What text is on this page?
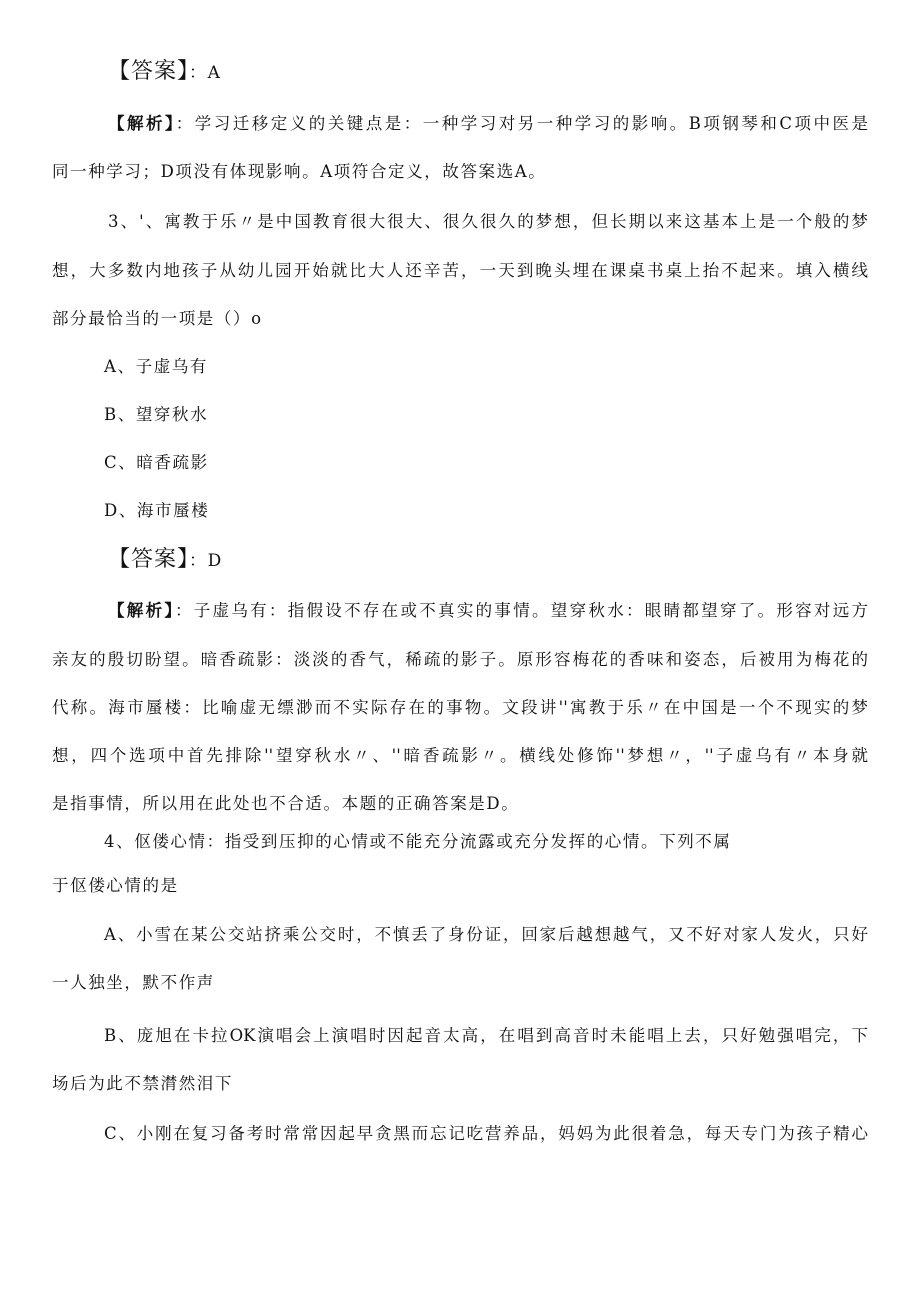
【答案】：A
【解析】：学习迁移定义的关键点是：一种学习对另一种学习的影响。B项钢琴和C项中医是
同一种学习；D项没有体现影响。A项符合定义，故答案选A。
3、'、寓教于乐〃是中国教育很大很大、很久很久的梦想，但长期以来这基本上是一个般的梦
想，大多数内地孩子从幼儿园开始就比大人还辛苦，一天到晚头埋在课桌书桌上抬不起来。填入横线
部分最恰当的一项是（）o
A、子虚乌有
B、望穿秋水
C、暗香疏影
D、海市蜃楼
【答案】：D
【解析】：子虚乌有：指假设不存在或不真实的事情。望穿秋水：眼睛都望穿了。形容对远方
亲友的殷切盼望。暗香疏影：淡淡的香气，稀疏的影子。原形容梅花的香味和姿态，后被用为梅花的
代称。海市蜃楼：比喻虚无缥渺而不实际存在的事物。文段讲''寓教于乐〃在中国是一个不现实的梦
想，四个选项中首先排除''望穿秋水〃、''暗香疏影〃。横线处修饰''梦想〃，''子虚乌有〃本身就
是指事情，所以用在此处也不合适。本题的正确答案是D。
4、伛偻心情：指受到压抑的心情或不能充分流露或充分发挥的心情。下列不属
于伛偻心情的是
A、小雪在某公交站挤乘公交时，不慎丢了身份证，回家后越想越气，又不好对家人发火，只好
一人独坐，默不作声
B、庞旭在卡拉OK演唱会上演唱时因起音太高，在唱到高音时未能唱上去，只好勉强唱完，下
场后为此不禁潸然泪下
C、小刚在复习备考时常常因起早贪黑而忘记吃营养品，妈妈为此很着急，每天专门为孩子精心
